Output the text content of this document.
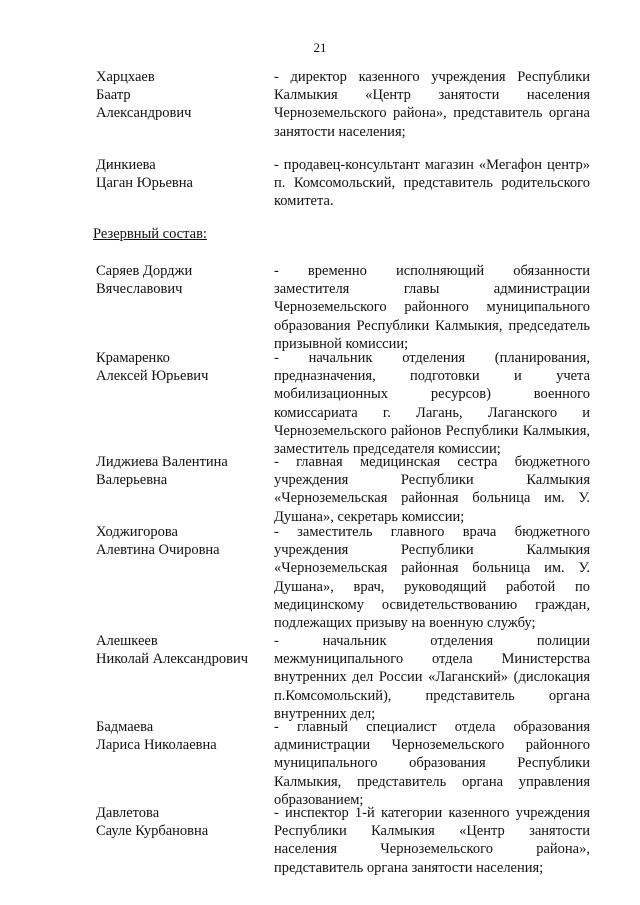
21
Харцхаев
Баатр
Александрович
- директор казенного учреждения Республики Калмыкия «Центр занятости населения Черноземельского района», представитель органа занятости населения;
Динкиева
Цаган Юрьевна
- продавец-консультант магазин «Мегафон центр» п. Комсомольский, представитель родительского комитета.
Резервный состав:
Саряев Дорджи
Вячеславович
- временно исполняющий обязанности заместителя главы администрации Черноземельского районного муниципального образования Республики Калмыкия, председатель призывной комиссии;
Крамаренко
Алексей Юрьевич
- начальник отделения (планирования, предназначения, подготовки и учета мобилизационных ресурсов) военного комиссариата г. Лагань, Лаганского и Черноземельского районов Республики Калмыкия, заместитель председателя комиссии;
Лиджиева Валентина
Валерьевна
- главная медицинская сестра бюджетного учреждения Республики Калмыкия «Черноземельская районная больница им. У. Душана», секретарь комиссии;
Ходжигорова
Алевтина Очировна
- заместитель главного врача бюджетного учреждения Республики Калмыкия «Черноземельская районная больница им. У. Душана», врач, руководящий работой по медицинскому освидетельствованию граждан, подлежащих призыву на военную службу;
Алешкеев
Николай Александрович
- начальник отделения полиции межмуниципального отдела Министерства внутренних дел России «Лаганский» (дислокация п.Комсомольский), представитель органа внутренних дел;
Бадмаева
Лариса Николаевна
- главный специалист отдела образования администрации Черноземельского районного муниципального образования Республики Калмыкия, представитель органа управления образованием;
Давлетова
Сауле Курбановна
- инспектор 1-й категории казенного учреждения Республики Калмыкия «Центр занятости населения Черноземельского района», представитель органа занятости населения;
